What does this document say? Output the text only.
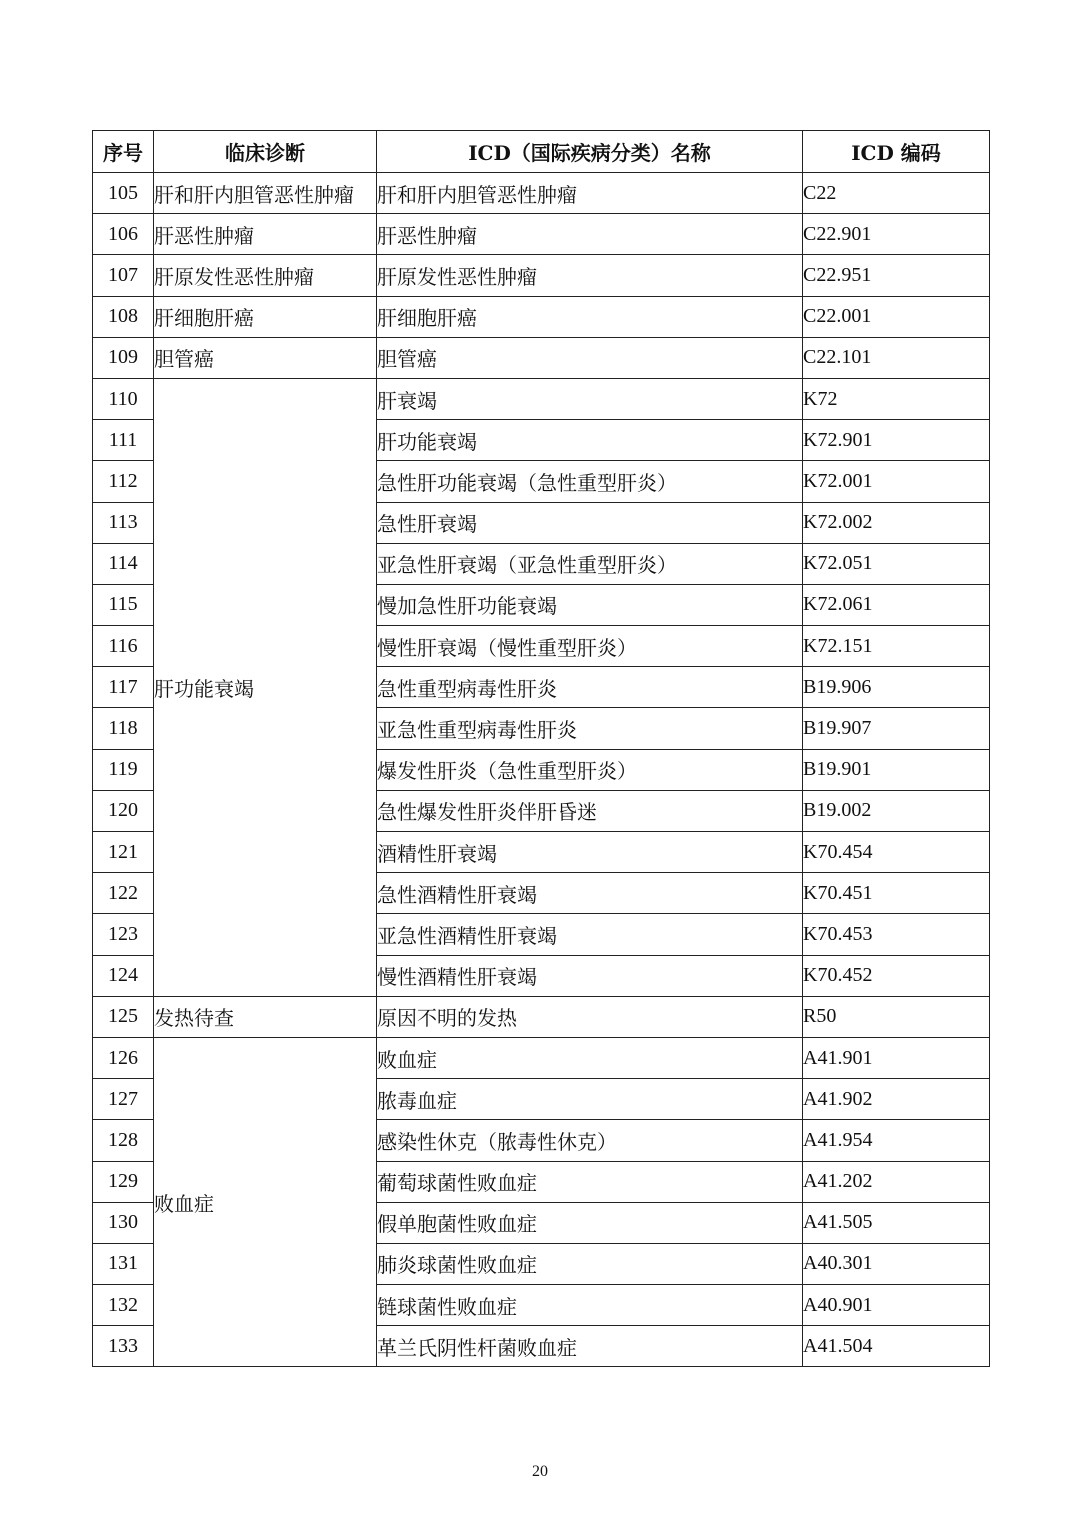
序号	临床诊断	ICD（国际疾病分类）名称	ICD 编码
105	肝和肝内胆管恶性肿瘤	肝和肝内胆管恶性肿瘤	C22
106	肝恶性肿瘤	肝恶性肿瘤	C22.901
107	肝原发性恶性肿瘤	肝原发性恶性肿瘤	C22.951
108	肝细胞肝癌	肝细胞肝癌	C22.001
109	胆管癌	胆管癌	C22.101
110	肝功能衰竭	肝衰竭	K72
111		肝功能衰竭	K72.901
112		急性肝功能衰竭（急性重型肝炎）	K72.001
113		急性肝衰竭	K72.002
114		亚急性肝衰竭（亚急性重型肝炎）	K72.051
115		慢加急性肝功能衰竭	K72.061
116		慢性肝衰竭（慢性重型肝炎）	K72.151
117		急性重型病毒性肝炎	B19.906
118		亚急性重型病毒性肝炎	B19.907
119		爆发性肝炎（急性重型肝炎）	B19.901
120		急性爆发性肝炎伴肝昏迷	B19.002
121		酒精性肝衰竭	K70.454
122		急性酒精性肝衰竭	K70.451
123		亚急性酒精性肝衰竭	K70.453
124		慢性酒精性肝衰竭	K70.452
125	发热待查	原因不明的发热	R50
126	败血症	败血症	A41.901
127		脓毒血症	A41.902
128		感染性休克（脓毒性休克）	A41.954
129		葡萄球菌性败血症	A41.202
130		假单胞菌性败血症	A41.505
131		肺炎球菌性败血症	A40.301
132		链球菌性败血症	A40.901
133		革兰氏阴性杆菌败血症	A41.504
20
